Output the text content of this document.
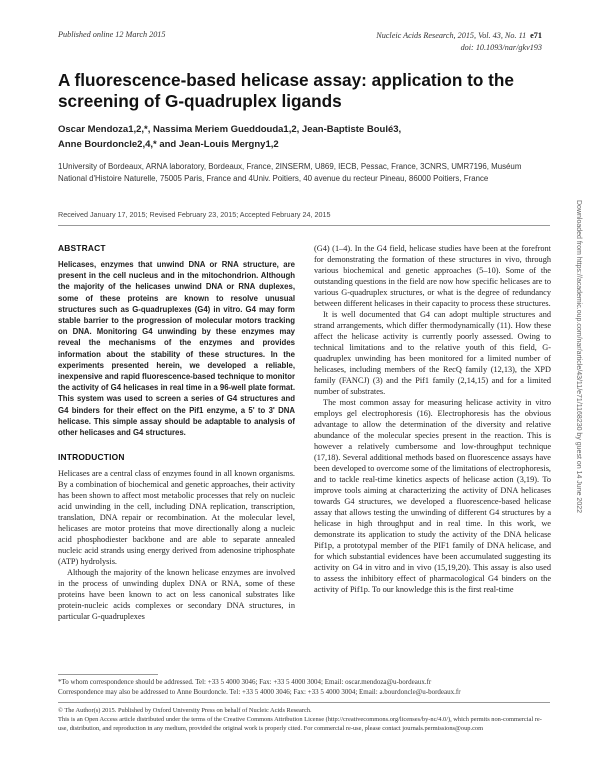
Published online 12 March 2015	Nucleic Acids Research, 2015, Vol. 43, No. 11 e71
doi: 10.1093/nar/gkv193
A fluorescence-based helicase assay: application to the screening of G-quadruplex ligands
Oscar Mendoza1,2,*, Nassima Meriem Gueddouda1,2, Jean-Baptiste Boulé3,
Anne Bourdoncle2,4,* and Jean-Louis Mergny1,2
1University of Bordeaux, ARNA laboratory, Bordeaux, France, 2INSERM, U869, IECB, Pessac, France, 3CNRS, UMR7196, Muséum National d'Histoire Naturelle, 75005 Paris, France and 4Univ. Poitiers, 40 avenue du recteur Pineau, 86000 Poitiers, France
Received January 17, 2015; Revised February 23, 2015; Accepted February 24, 2015
ABSTRACT
Helicases, enzymes that unwind DNA or RNA structure, are present in the cell nucleus and in the mitochondrion. Although the majority of the helicases unwind DNA or RNA duplexes, some of these proteins are known to resolve unusual structures such as G-quadruplexes (G4) in vitro. G4 may form stable barrier to the progression of molecular motors tracking on DNA. Monitoring G4 unwinding by these enzymes may reveal the mechanisms of the enzymes and provides information about the stability of these structures. In the experiments presented herein, we developed a reliable, inexpensive and rapid fluorescence-based technique to monitor the activity of G4 helicases in real time in a 96-well plate format. This system was used to screen a series of G4 structures and G4 binders for their effect on the Pif1 enzyme, a 5' to 3' DNA helicase. This simple assay should be adaptable to analysis of other helicases and G4 structures.
INTRODUCTION

Helicases are a central class of enzymes found in all known organisms. By a combination of biochemical and genetic approaches, their activity has been shown to affect most metabolic processes that rely on nucleic acid unwinding in the cell, including DNA replication, transcription, translation, DNA repair or recombination. At the molecular level, helicases are motor proteins that move directionally along a nucleic acid phosphodiester backbone and are able to separate annealed nucleic acid strands using energy derived from adenosine triphosphate (ATP) hydrolysis.

Although the majority of the known helicase enzymes are involved in the process of unwinding duplex DNA or RNA, some of these proteins have been known to act on less canonical substrates like protein-nucleic acids complexes or secondary DNA structures, in particular G-quadruplexes

(G4) (1–4). In the G4 field, helicase studies have been at the forefront for demonstrating the formation of these structures in vivo, through various biochemical and genetic approaches (5–10). Some of the outstanding questions in the field are now how specific helicases are to various G-quadruplex structures, or what is the degree of redundancy between different helicases in their capacity to process these structures.

It is well documented that G4 can adopt multiple structures and strand arrangements, which differ thermodynamically (11). How these affect the helicase activity is currently poorly assessed. Owing to technical limitations and to the relative youth of this field, G-quadruplex unwinding has been monitored for a limited number of helicases, including members of the RecQ family (12,13), the XPD family (FANCJ) (3) and the Pif1 family (2,14,15) and for a limited number of substrates.

The most common assay for measuring helicase activity in vitro employs gel electrophoresis (16). Electrophoresis has the obvious advantage to allow the determination of the diversity and relative abundance of the molecular species present in the reaction. This is however a relatively cumbersome and low-throughput technique (17,18). Several additional methods based on fluorescence assays have been developed to overcome some of the limitations of electrophoresis, and to tackle real-time kinetics aspects of helicase action (3,19). To improve tools aiming at characterizing the activity of DNA helicases towards G4 structures, we developed a fluorescence-based helicase assay that allows testing the unwinding of different G4 structures by a helicase in high throughput and in real time. In this work, we demonstrate its application to study the activity of the DNA helicase Pif1p, a prototypal member of the PIF1 family of DNA helicase, and for which substantial evidences have been accumulated suggesting its activity on G4 in vitro and in vivo (15,19,20). This assay is also used to assess the inhibitory effect of pharmacological G4 binders on the activity of Pif1p. To our knowledge this is the first real-time

Downloaded from https://academic.oup.com/nar/article/43/11/e71/1168230 by guest on 14 June 2022
*To whom correspondence should be addressed. Tel: +33 5 4000 3046; Fax: +33 5 4000 3004; Email: oscar.mendoza@u-bordeaux.fr
Correspondence may also be addressed to Anne Bourdoncle. Tel: +33 5 4000 3046; Fax: +33 5 4000 3004; Email: a.bourdoncle@u-bordeaux.fr
© The Author(s) 2015. Published by Oxford University Press on behalf of Nucleic Acids Research.
This is an Open Access article distributed under the terms of the Creative Commons Attribution License (http://creativecommons.org/licenses/by-nc/4.0/), which permits non-commercial re-use, distribution, and reproduction in any medium, provided the original work is properly cited. For commercial re-use, please contact journals.permissions@oup.com
